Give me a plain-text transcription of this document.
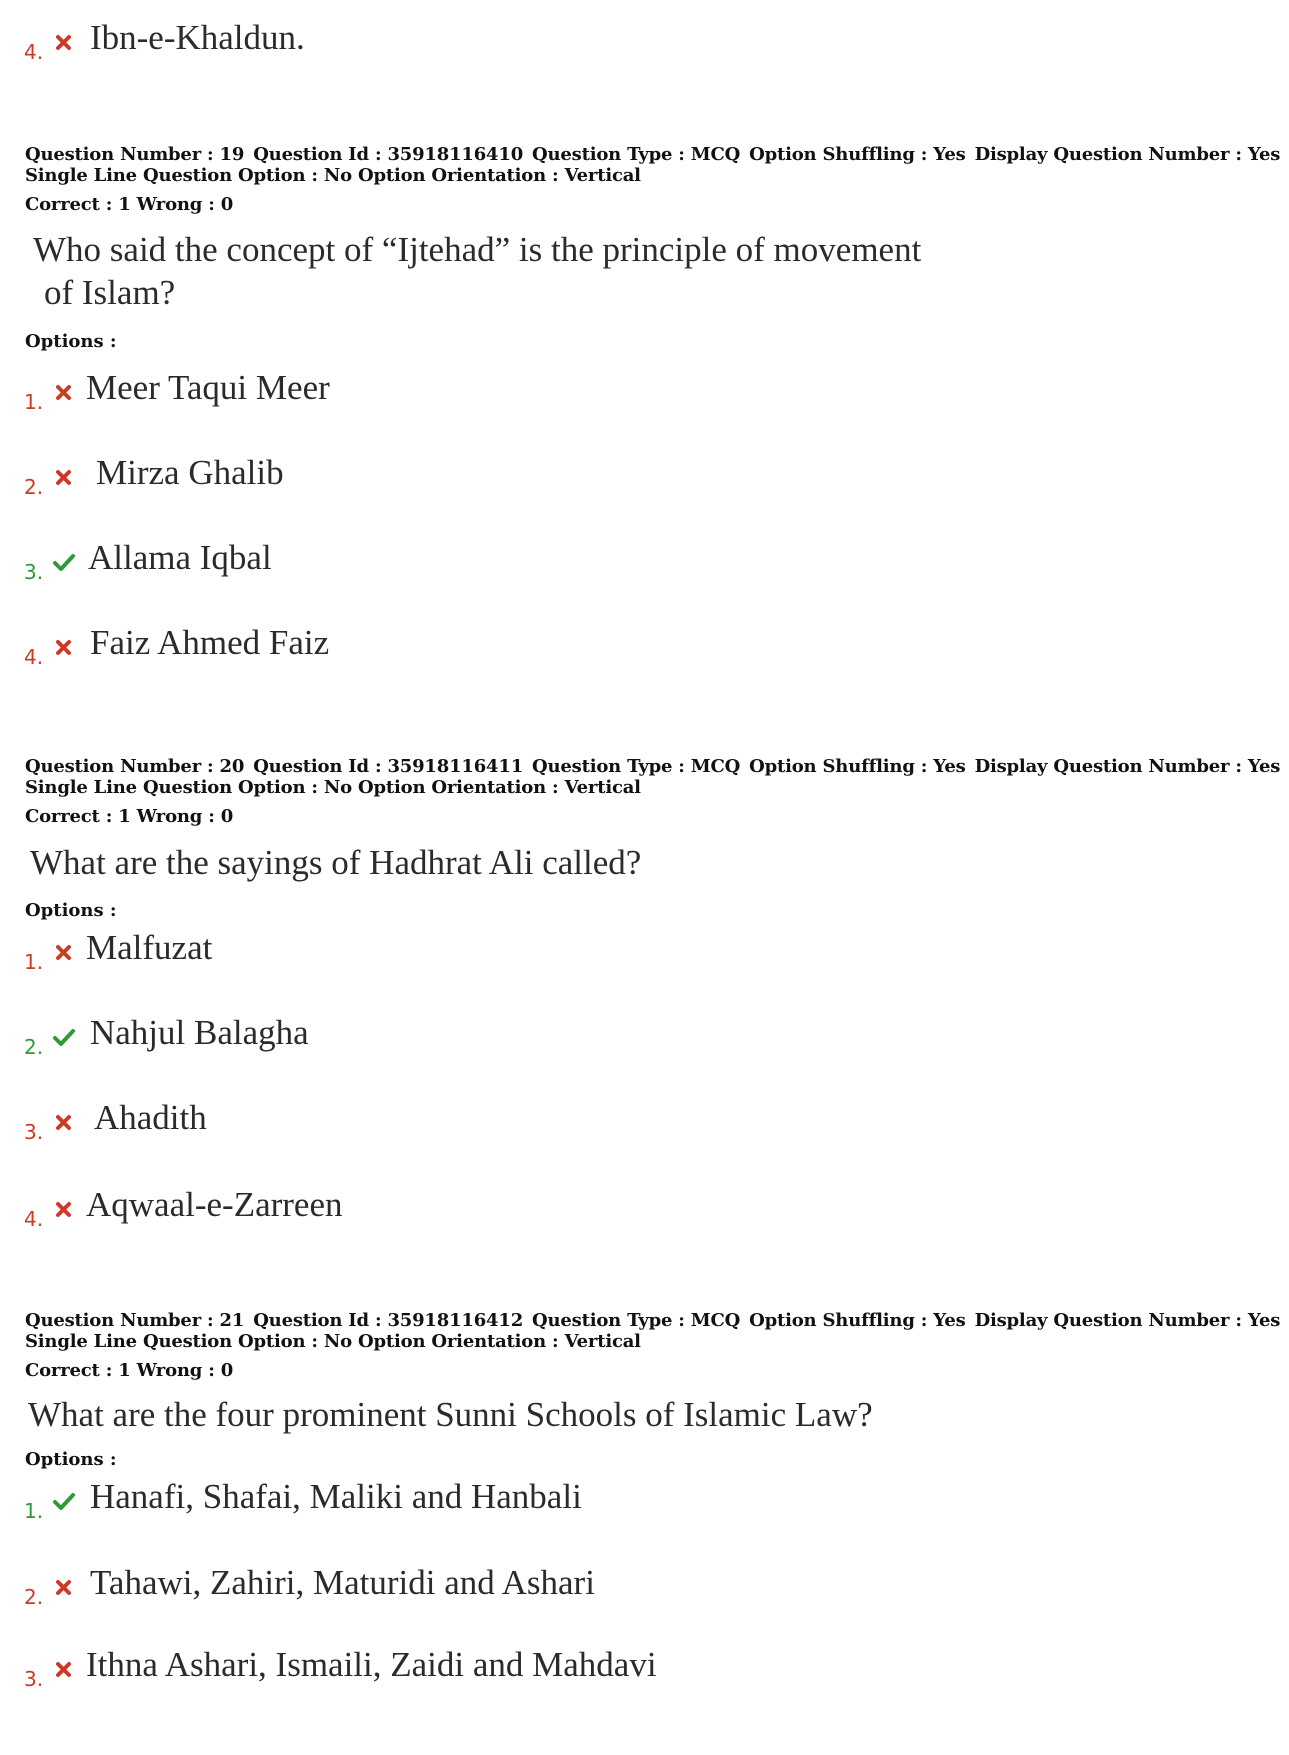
4. Ibn-e-Khaldun.
Question Number : 19 Question Id : 35918116410 Question Type : MCQ Option Shuffling : Yes Display Question Number : Yes
Single Line Question Option : No Option Orientation : Vertical
Correct : 1 Wrong : 0
Who said the concept of “Ijtehad” is the principle of movement
of Islam?
Options :
1. Meer Taqui Meer
2. Mirza Ghalib
3. Allama Iqbal
4. Faiz Ahmed Faiz
Question Number : 20 Question Id : 35918116411 Question Type : MCQ Option Shuffling : Yes Display Question Number : Yes
Single Line Question Option : No Option Orientation : Vertical
Correct : 1 Wrong : 0
What are the sayings of Hadhrat Ali called?
Options :
1. Malfuzat
2. Nahjul Balagha
3. Ahadith
4. Aqwaal-e-Zarreen
Question Number : 21 Question Id : 35918116412 Question Type : MCQ Option Shuffling : Yes Display Question Number : Yes
Single Line Question Option : No Option Orientation : Vertical
Correct : 1 Wrong : 0
What are the four prominent Sunni Schools of Islamic Law?
Options :
1. Hanafi, Shafai, Maliki and Hanbali
2. Tahawi, Zahiri, Maturidi and Ashari
3. Ithna Ashari, Ismaili, Zaidi and Mahdavi
